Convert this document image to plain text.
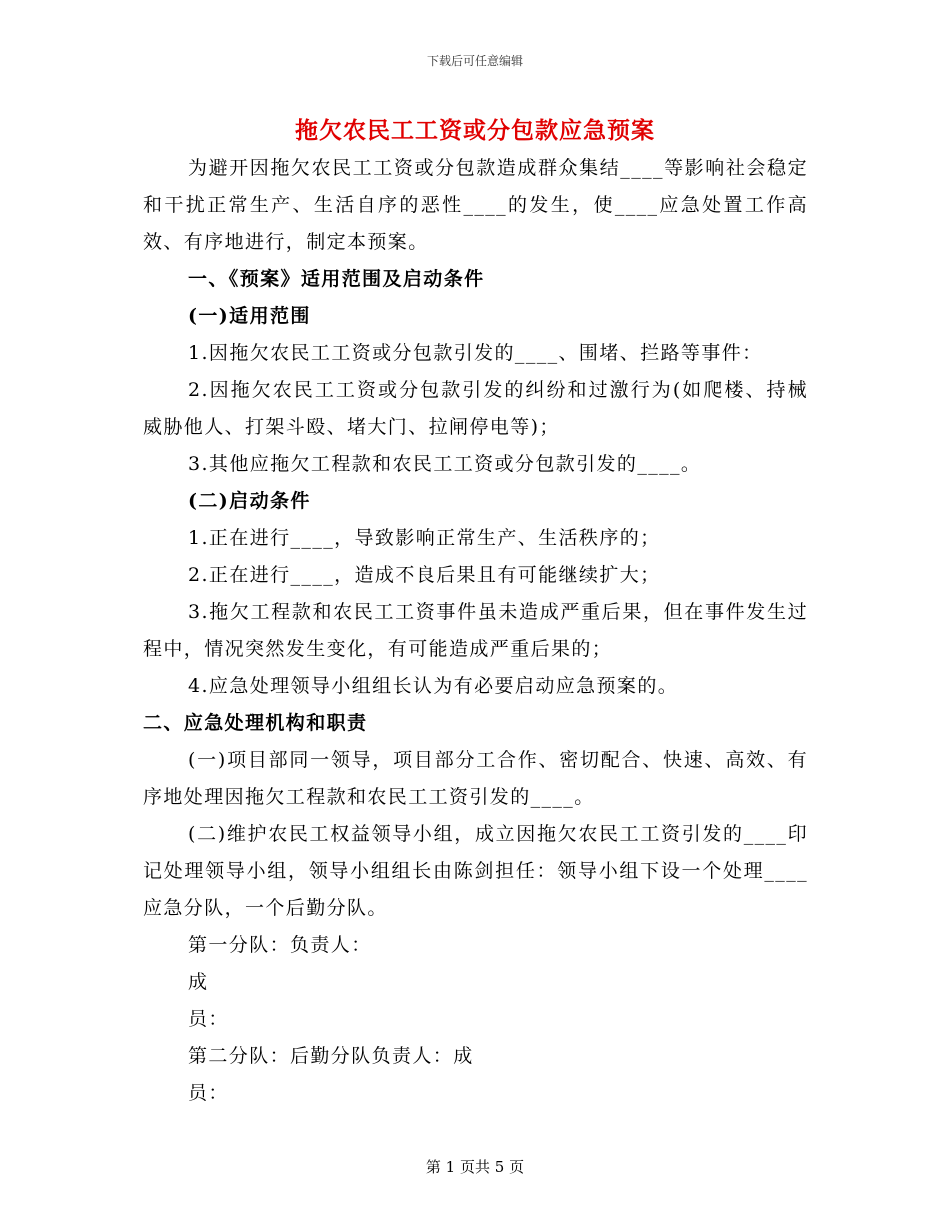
下载后可任意编辑
拖欠农民工工资或分包款应急预案

为避开因拖欠农民工工资或分包款造成群众集结____等影响社会稳定和干扰正常生产、生活自序的恶性____的发生，使____应急处置工作高效、有序地进行，制定本预案。

一、《预案》适用范围及启动条件

(一)适用范围

1.因拖欠农民工工资或分包款引发的____、围堵、拦路等事件：

2.因拖欠农民工工资或分包款引发的纠纷和过激行为(如爬楼、持械威胁他人、打架斗殴、堵大门、拉闸停电等)；

3.其他应拖欠工程款和农民工工资或分包款引发的____。

(二)启动条件

1.正在进行____，导致影响正常生产、生活秩序的；

2.正在进行____，造成不良后果且有可能继续扩大；

3.拖欠工程款和农民工工资事件虽未造成严重后果，但在事件发生过程中，情况突然发生变化，有可能造成严重后果的；

4.应急处理领导小组组长认为有必要启动应急预案的。

二、应急处理机构和职责

(一)项目部同一领导，项目部分工合作、密切配合、快速、高效、有序地处理因拖欠工程款和农民工工资引发的____。

(二)维护农民工权益领导小组，成立因拖欠农民工工资引发的____印记处理领导小组，领导小组组长由陈剑担任：领导小组下设一个处理____应急分队，一个后勤分队。

第一分队：负责人：

成

员：

第二分队：后勤分队负责人：成

员：

第 1 页共 5 页
